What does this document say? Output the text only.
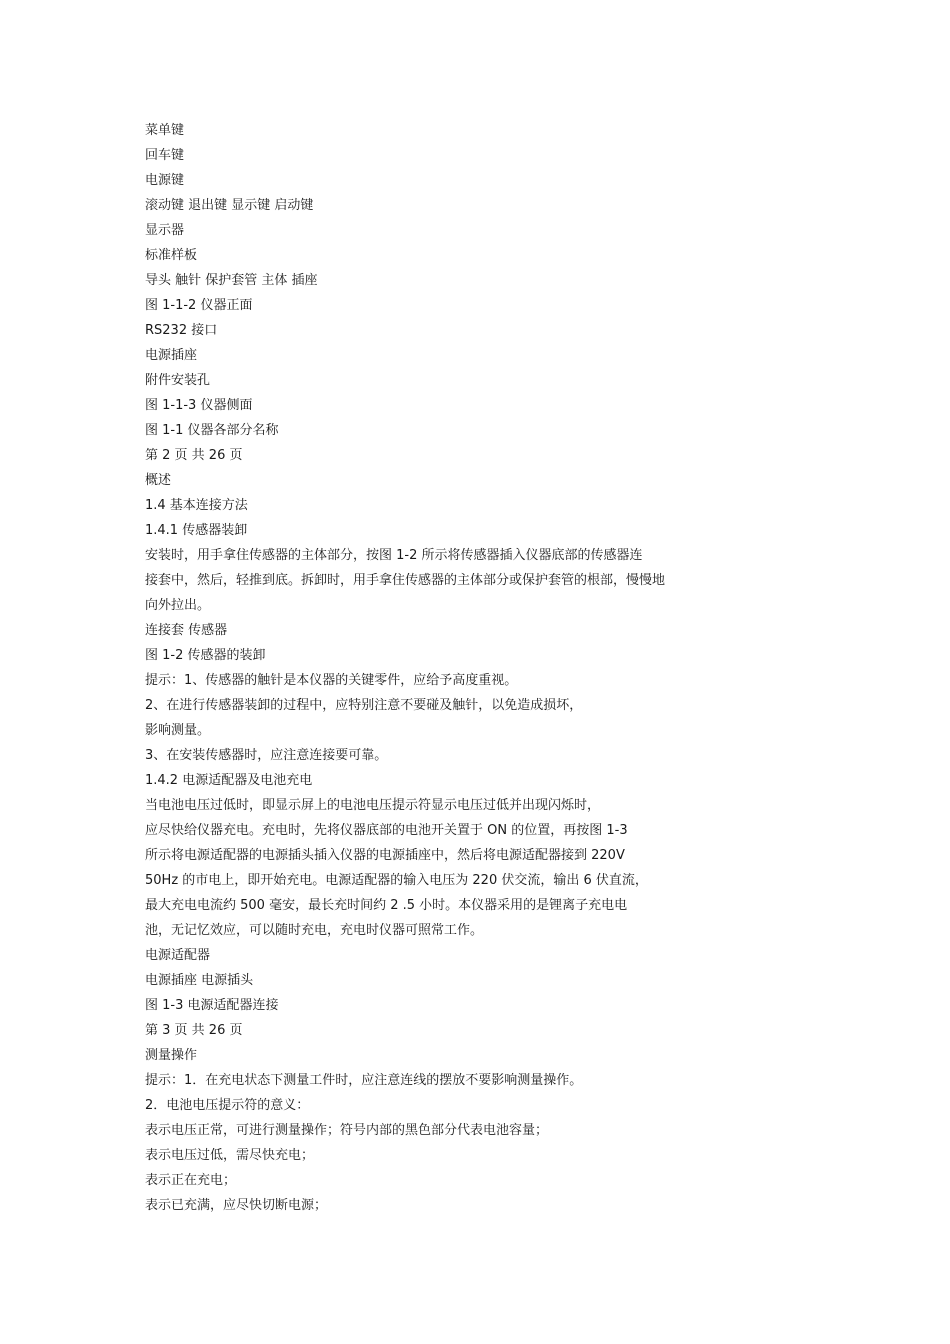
菜单键

回车键

电源键

滚动键 退出键 显示键 启动键

显示器

标准样板

导头 触针 保护套管 主体 插座

图 1-1-2 仪器正面

RS232 接口

电源插座

附件安装孔

图 1-1-3 仪器侧面

图 1-1 仪器各部分名称

第 2 页 共 26 页

概述

1.4 基本连接方法

1.4.1 传感器装卸

安装时，用手拿住传感器的主体部分，按图 1-2 所示将传感器插入仪器底部的传感器连

接套中，然后，轻推到底。拆卸时，用手拿住传感器的主体部分或保护套管的根部，慢慢地

向外拉出。

连接套 传感器

图 1-2 传感器的装卸

提示：1、传感器的触针是本仪器的关键零件，应给予高度重视。

2、在进行传感器装卸的过程中，应特别注意不要碰及触针，以免造成损坏，

影响测量。

3、在安装传感器时，应注意连接要可靠。

1.4.2 电源适配器及电池充电

当电池电压过低时，即显示屏上的电池电压提示符显示电压过低并出现闪烁时，

应尽快给仪器充电。充电时，先将仪器底部的电池开关置于 ON 的位置，再按图 1-3

所示将电源适配器的电源插头插入仪器的电源插座中，然后将电源适配器接到 220V

50Hz 的市电上，即开始充电。电源适配器的输入电压为 220 伏交流，输出 6 伏直流，

最大充电电流约 500 毫安，最长充时间约 2 .5 小时。本仪器采用的是锂离子充电电

池，无记忆效应，可以随时充电，充电时仪器可照常工作。

电源适配器

电源插座 电源插头

图 1-3 电源适配器连接

第 3 页 共 26 页

测量操作

提示：1．在充电状态下测量工件时，应注意连线的摆放不要影响测量操作。

2．电池电压提示符的意义：

表示电压正常，可进行测量操作；符号内部的黑色部分代表电池容量；

表示电压过低，需尽快充电；

表示正在充电；

表示已充满，应尽快切断电源；
